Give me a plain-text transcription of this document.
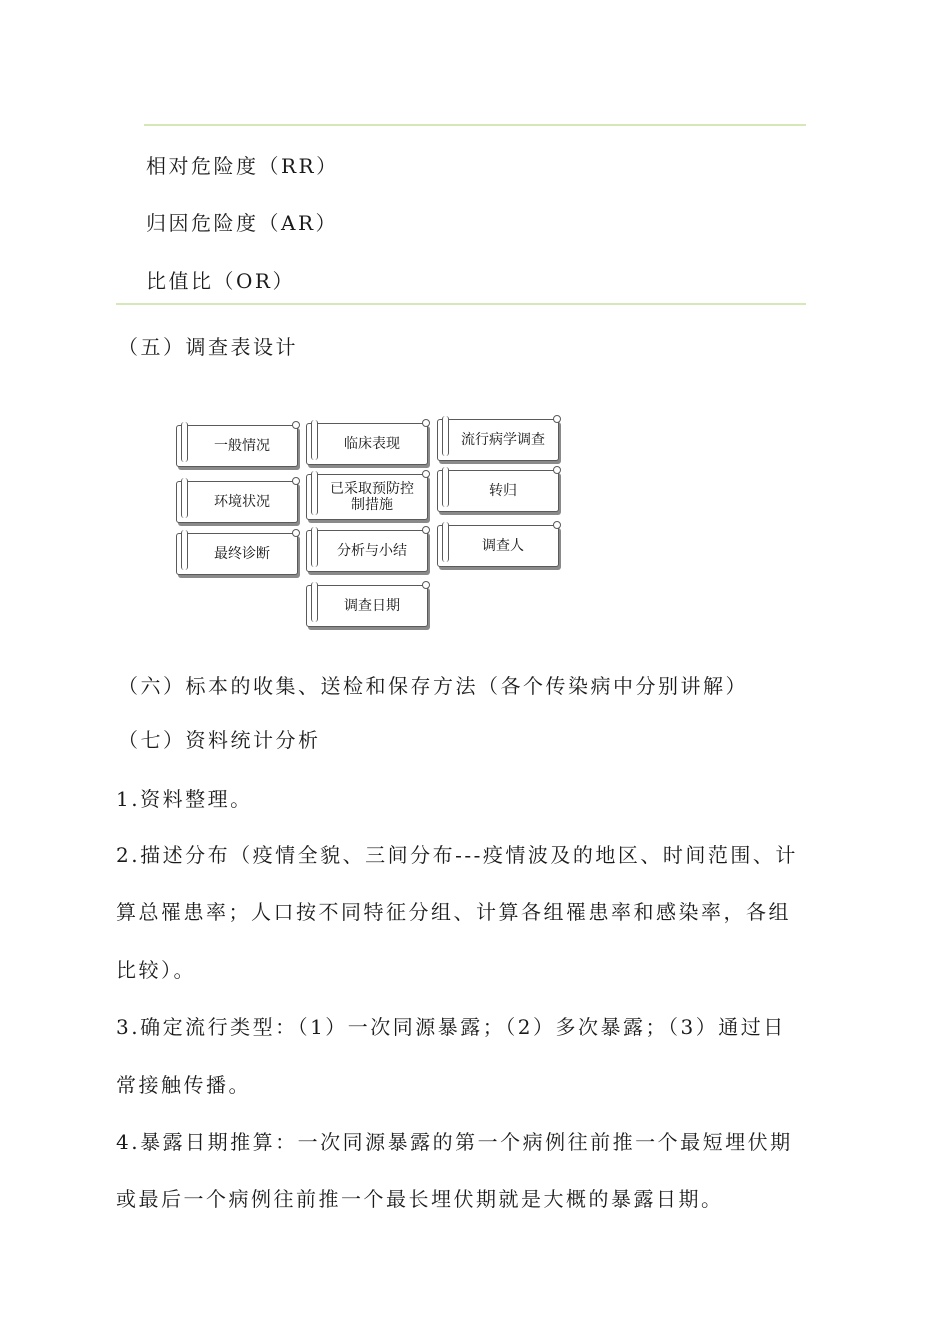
相对危险度（RR）
归因危险度（AR）
比值比（OR）
（五）调查表设计
一般情况	临床表现	流行病学调查
环境状况
已采取预防控制措施
转归
最终诊断	分析与小结	调查人
调查日期
（六）标本的收集、送检和保存方法（各个传染病中分别讲解）
（七）资料统计分析
1.资料整理。
2.描述分布（疫情全貌、三间分布---疫情波及的地区、时间范围、计
算总罹患率；人口按不同特征分组、计算各组罹患率和感染率，各组
比较）。
3.确定流行类型：（1）一次同源暴露；（2）多次暴露；（3）通过日
常接触传播。
4.暴露日期推算：一次同源暴露的第一个病例往前推一个最短埋伏期
或最后一个病例往前推一个最长埋伏期就是大概的暴露日期。
